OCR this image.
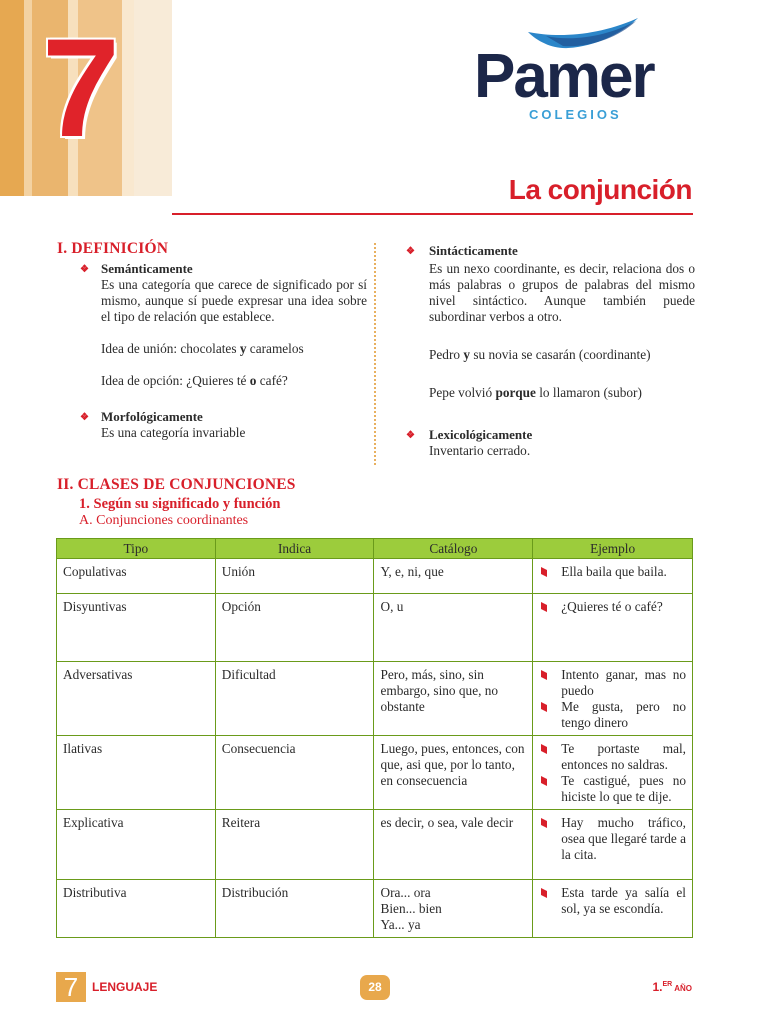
7	Pamer
COLEGIOS
La conjunción
I. DEFINICIÓN
❖ Semánticamente
Es una categoría que carece de significado por sí mismo, aunque sí puede expresar una idea sobre el tipo de relación que establece.
Idea de unión: chocolates y caramelos
Idea de opción: ¿Quieres té o café?
❖ Morfológicamente
Es una categoría invariable
❖ Sintácticamente
Es un nexo coordinante, es decir, relaciona dos o más palabras o grupos de palabras del mismo nivel sintáctico. Aunque también puede subordinar verbos a otro.
Pedro y su novia se casarán (coordinante)
Pepe volvió porque lo llamaron (subor)
❖ Lexicológicamente
Inventario cerrado.
II. CLASES DE CONJUNCIONES
1. Según su significado y función
A. Conjunciones coordinantes
Tipo	Indica	Catálogo	Ejemplo
Copulativas	Unión	Y, e, ni, que	Ella baila que baila.

Disyuntivas	Opción	O, u	¿Quieres té o café?

Adversativas	Dificultad	Pero, más, sino, sin embargo, sino que, no obstante	Intento ganar, mas no puedo
Me gusta, pero no tengo dinero

Ilativas	Consecuencia	Luego, pues, entonces, con que, asi que, por lo tanto, en consecuencia	Te portaste mal, entonces no saldras.
Te castigué, pues no hiciste lo que te dije.

Explicativa	Reitera	es decir, o sea, vale decir	Hay mucho tráfico, osea que llegaré tarde a la cita.

Distributiva	Distribución	Ora... ora
Bien... bien
Ya... ya	Esta tarde ya salía el sol, ya se escondía.
7	LENGUAJE	28	1.$^{ER}$ AÑO
